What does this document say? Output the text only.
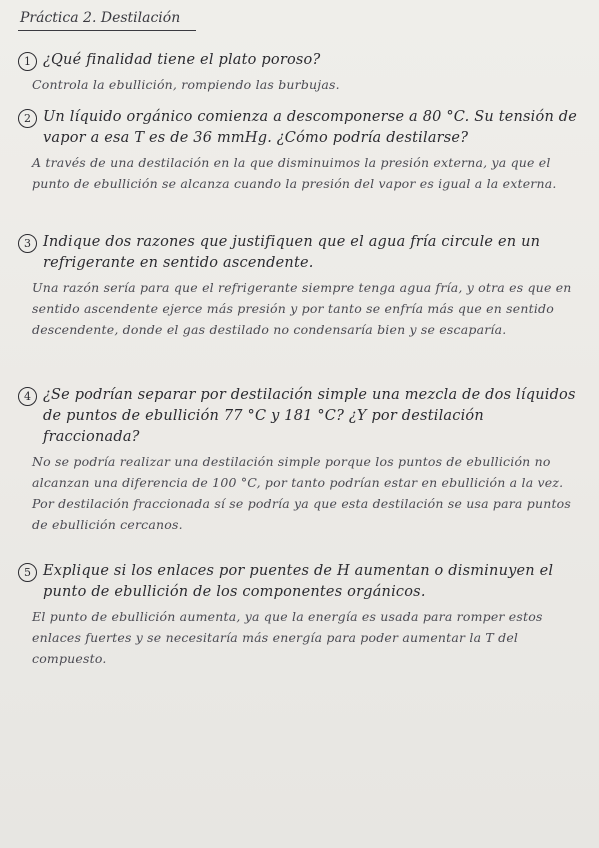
Práctica 2. Destilación
1 ¿Qué finalidad tiene el plato poroso?
Controla la ebullición, rompiendo las burbujas.
2 Un líquido orgánico comienza a descomponerse a 80 °C. Su tensión de vapor a esa T es de 36 mmHg. ¿Cómo podría destilarse?
A través de una destilación en la que disminuimos la presión externa, ya que el punto de ebullición se alcanza cuando la presión del vapor es igual a la externa.
3 Indique dos razones que justifiquen que el agua fría circule en un refrigerante en sentido ascendente.
Una razón sería para que el refrigerante siempre tenga agua fría, y otra es que en sentido ascendente ejerce más presión y por tanto se enfría más que en sentido descendente, donde el gas destilado no condensaría bien y se escaparía.
4 ¿Se podrían separar por destilación simple una mezcla de dos líquidos de puntos de ebullición 77 °C y 181 °C? ¿Y por destilación fraccionada?
No se podría realizar una destilación simple porque los puntos de ebullición no alcanzan una diferencia de 100 °C, por tanto podrían estar en ebullición a la vez. Por destilación fraccionada sí se podría ya que esta destilación se usa para puntos de ebullición cercanos.
5 Explique si los enlaces por puentes de H aumentan o disminuyen el punto de ebullición de los componentes orgánicos.
El punto de ebullición aumenta, ya que la energía es usada para romper estos enlaces fuertes y se necesitaría más energía para poder aumentar la T del compuesto.
